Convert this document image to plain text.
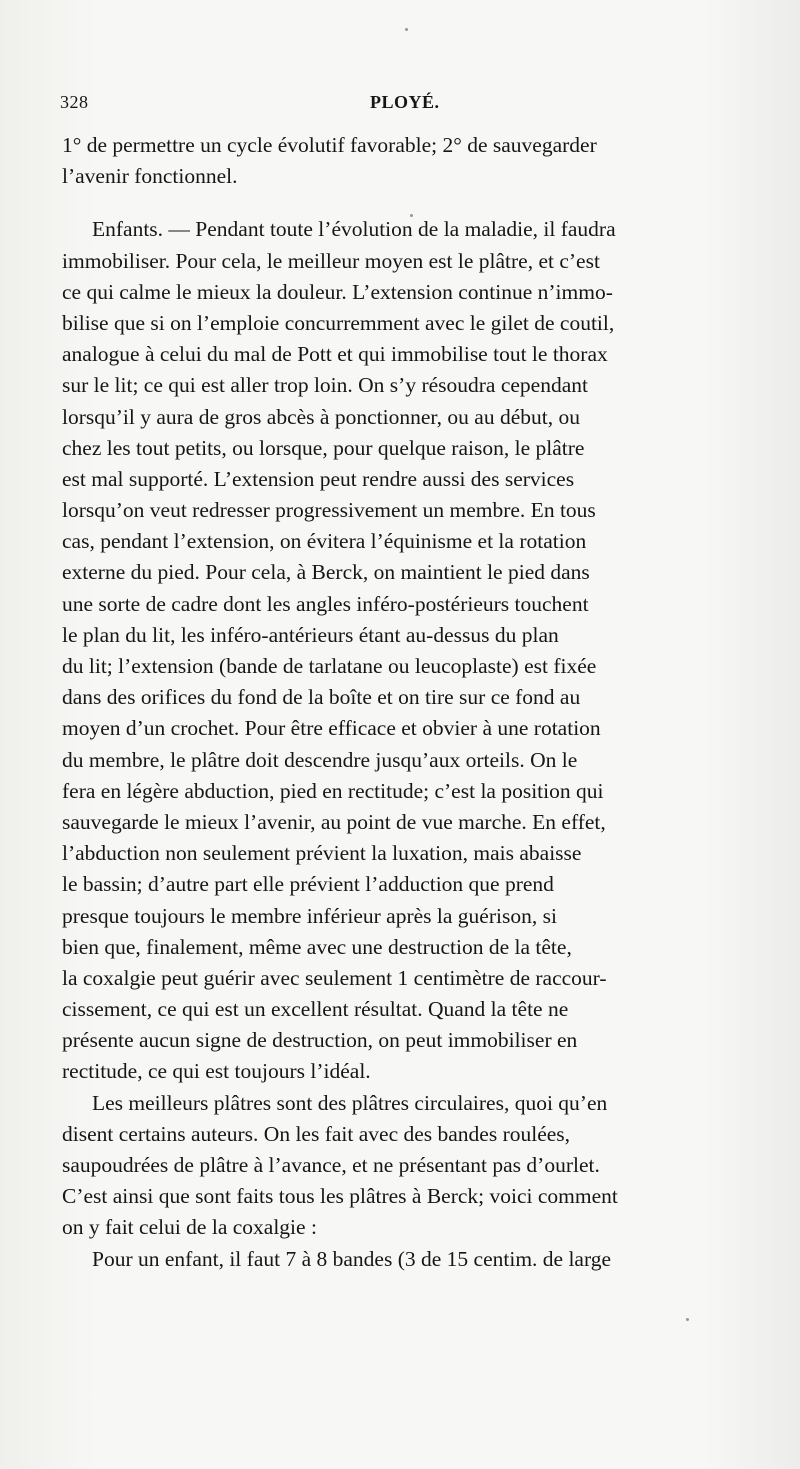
328	PLOYÉ.
1° de permettre un cycle évolutif favorable; 2° de sauvegarder
l’avenir fonctionnel.
Enfants. — Pendant toute l’évolution de la maladie, il faudra
immobiliser. Pour cela, le meilleur moyen est le plâtre, et c’est
ce qui calme le mieux la douleur. L’extension continue n’immo-
bilise que si on l’emploie concurremment avec le gilet de coutil,
analogue à celui du mal de Pott et qui immobilise tout le thorax
sur le lit; ce qui est aller trop loin. On s’y résoudra cependant
lorsqu’il y aura de gros abcès à ponctionner, ou au début, ou
chez les tout petits, ou lorsque, pour quelque raison, le plâtre
est mal supporté. L’extension peut rendre aussi des services
lorsqu’on veut redresser progressivement un membre. En tous
cas, pendant l’extension, on évitera l’équinisme et la rotation
externe du pied. Pour cela, à Berck, on maintient le pied dans
une sorte de cadre dont les angles inféro-postérieurs touchent
le plan du lit, les inféro-antérieurs étant au-dessus du plan
du lit; l’extension (bande de tarlatane ou leucoplaste) est fixée
dans des orifices du fond de la boîte et on tire sur ce fond au
moyen d’un crochet. Pour être efficace et obvier à une rotation
du membre, le plâtre doit descendre jusqu’aux orteils. On le
fera en légère abduction, pied en rectitude; c’est la position qui
sauvegarde le mieux l’avenir, au point de vue marche. En effet,
l’abduction non seulement prévient la luxation, mais abaisse
le bassin; d’autre part elle prévient l’adduction que prend
presque toujours le membre inférieur après la guérison, si
bien que, finalement, même avec une destruction de la tête,
la coxalgie peut guérir avec seulement 1 centimètre de raccour-
cissement, ce qui est un excellent résultat. Quand la tête ne
présente aucun signe de destruction, on peut immobiliser en
rectitude, ce qui est toujours l’idéal.
Les meilleurs plâtres sont des plâtres circulaires, quoi qu’en
disent certains auteurs. On les fait avec des bandes roulées,
saupoudrées de plâtre à l’avance, et ne présentant pas d’ourlet.
C’est ainsi que sont faits tous les plâtres à Berck; voici comment
on y fait celui de la coxalgie :
Pour un enfant, il faut 7 à 8 bandes (3 de 15 centim. de large
